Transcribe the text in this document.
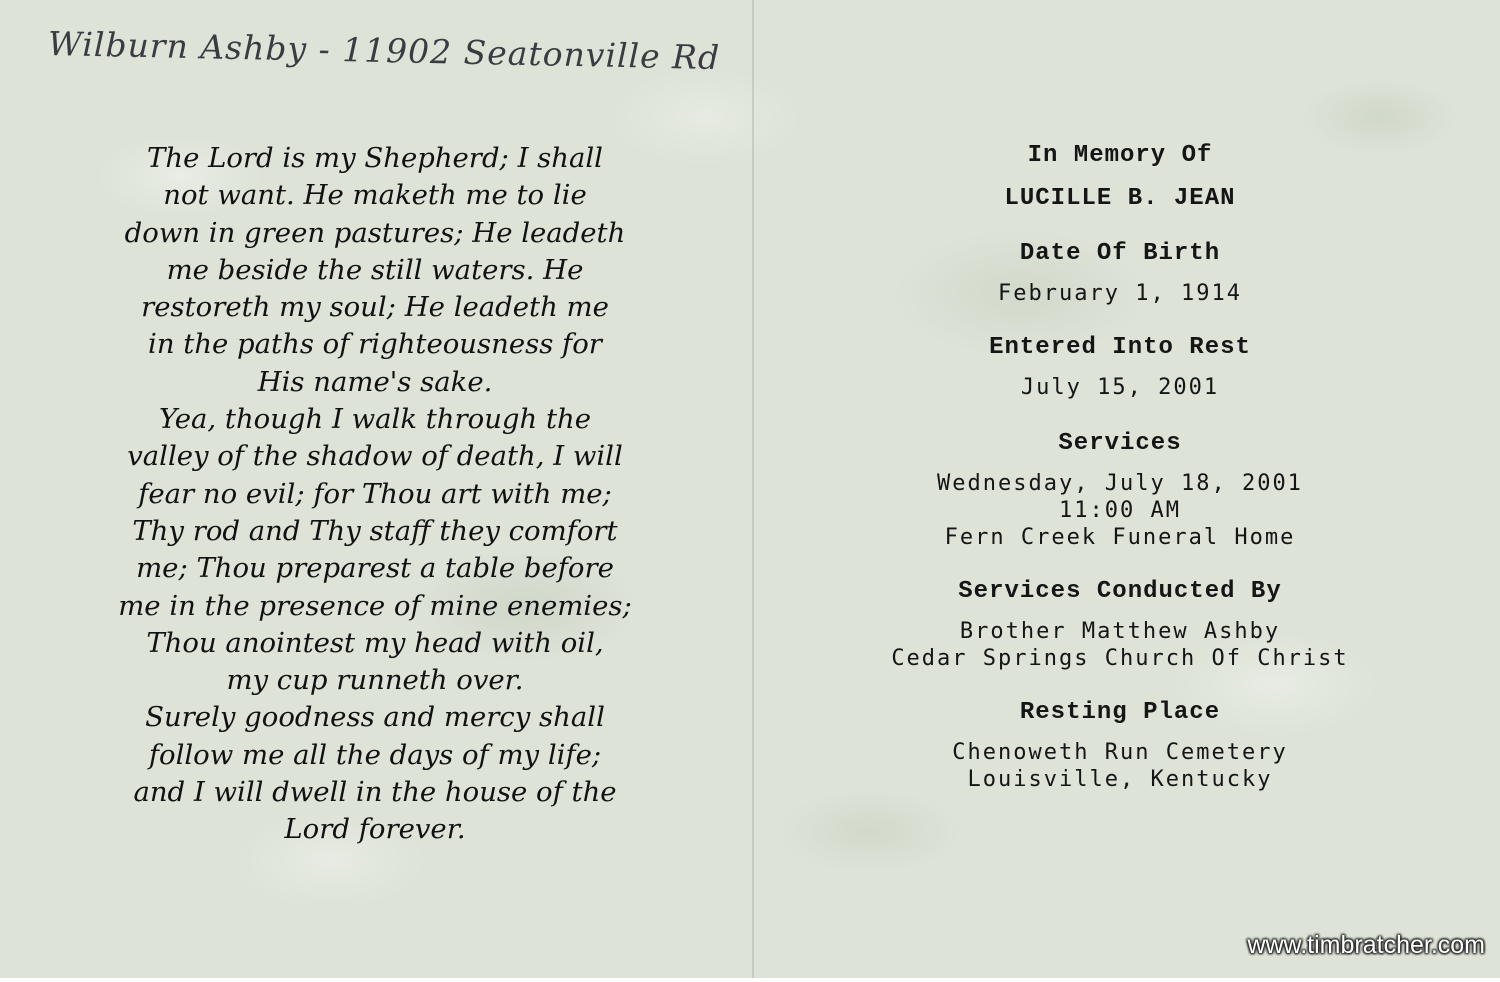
Wilburn Ashby - 11902 Seatonville Rd
The Lord is my Shepherd; I shall
not want. He maketh me to lie
down in green pastures; He leadeth
me beside the still waters. He
restoreth my soul; He leadeth me
in the paths of righteousness for
His name's sake.
Yea, though I walk through the
valley of the shadow of death, I will
fear no evil; for Thou art with me;
Thy rod and Thy staff they comfort
me; Thou preparest a table before
me in the presence of mine enemies;
Thou anointest my head with oil,
my cup runneth over.
Surely goodness and mercy shall
follow me all the days of my life;
and I will dwell in the house of the
Lord forever.
In Memory Of
LUCILLE B. JEAN
Date Of Birth
February 1, 1914
Entered Into Rest
July 15, 2001
Services
Wednesday, July 18, 2001
11:00 AM
Fern Creek Funeral Home
Services Conducted By
Brother Matthew Ashby
Cedar Springs Church Of Christ
Resting Place
Chenoweth Run Cemetery
Louisville, Kentucky
www.timbratcher.com
